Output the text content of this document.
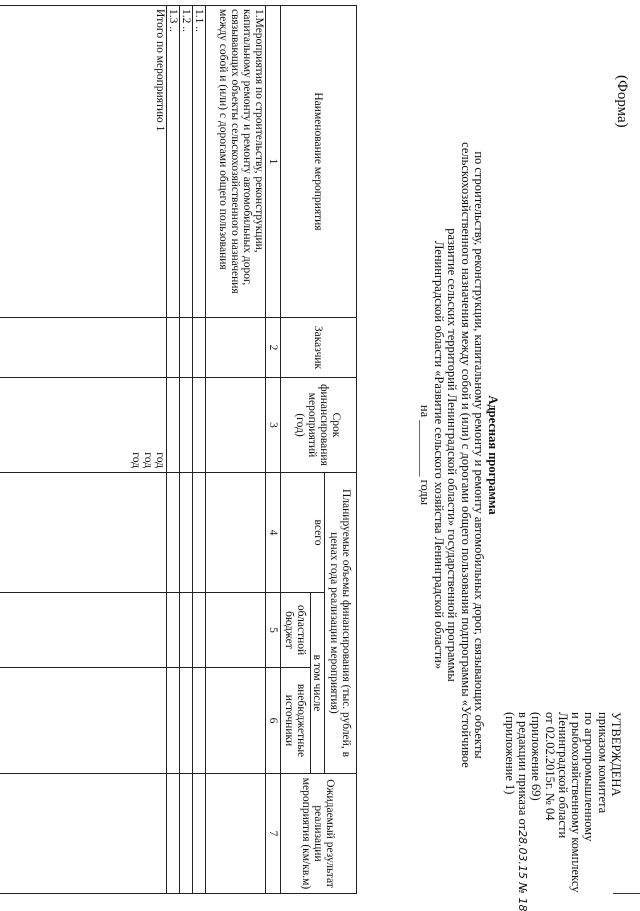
(Форма)
УТВЕРЖДЕНА
приказом комитета
по агропромышленному
и рыбохозяйственному комплексу
Ленинградской области
от 02.02.2015г. № 04
(приложение 69)
в редакции приказа от28.03.15 № 18
(приложение 1)
Адресная программа
по строительству, реконструкции, капитальному ремонту и ремонту автомобильных дорог, связывающих объекты
сельскохозяйственного назначения между собой и (или) с дорогами общего пользования подпрограммы «Устойчивое
развитие сельских территорий Ленинградской области» государственной программы
Ленинградской области «Развитие сельского хозяйства Ленинградской области»
на _________ годы
Наименование мероприятия	Заказчик	Срок финансирования мероприятий (год)	Планируемые объемы финансирования (тыс. рублей, в ценах года реализации мероприятия)			Ожидаемый результат реализации мероприятия (км/кв.м)
			всего	в том числе		
				областной бюджет	внебюджетные источники	
1	2	3	4	5	6	7
1.Мероприятия по строительству, реконструкции, капитальному ремонту и ремонту автомобильных дорог, связывающих объекты сельскохозяйственного назначения между собой и (или) с дорогами общего пользования						
1.1 ..						
1.2 ..						
1.3 ..						
Итого по мероприятию 1		год
год
год				
